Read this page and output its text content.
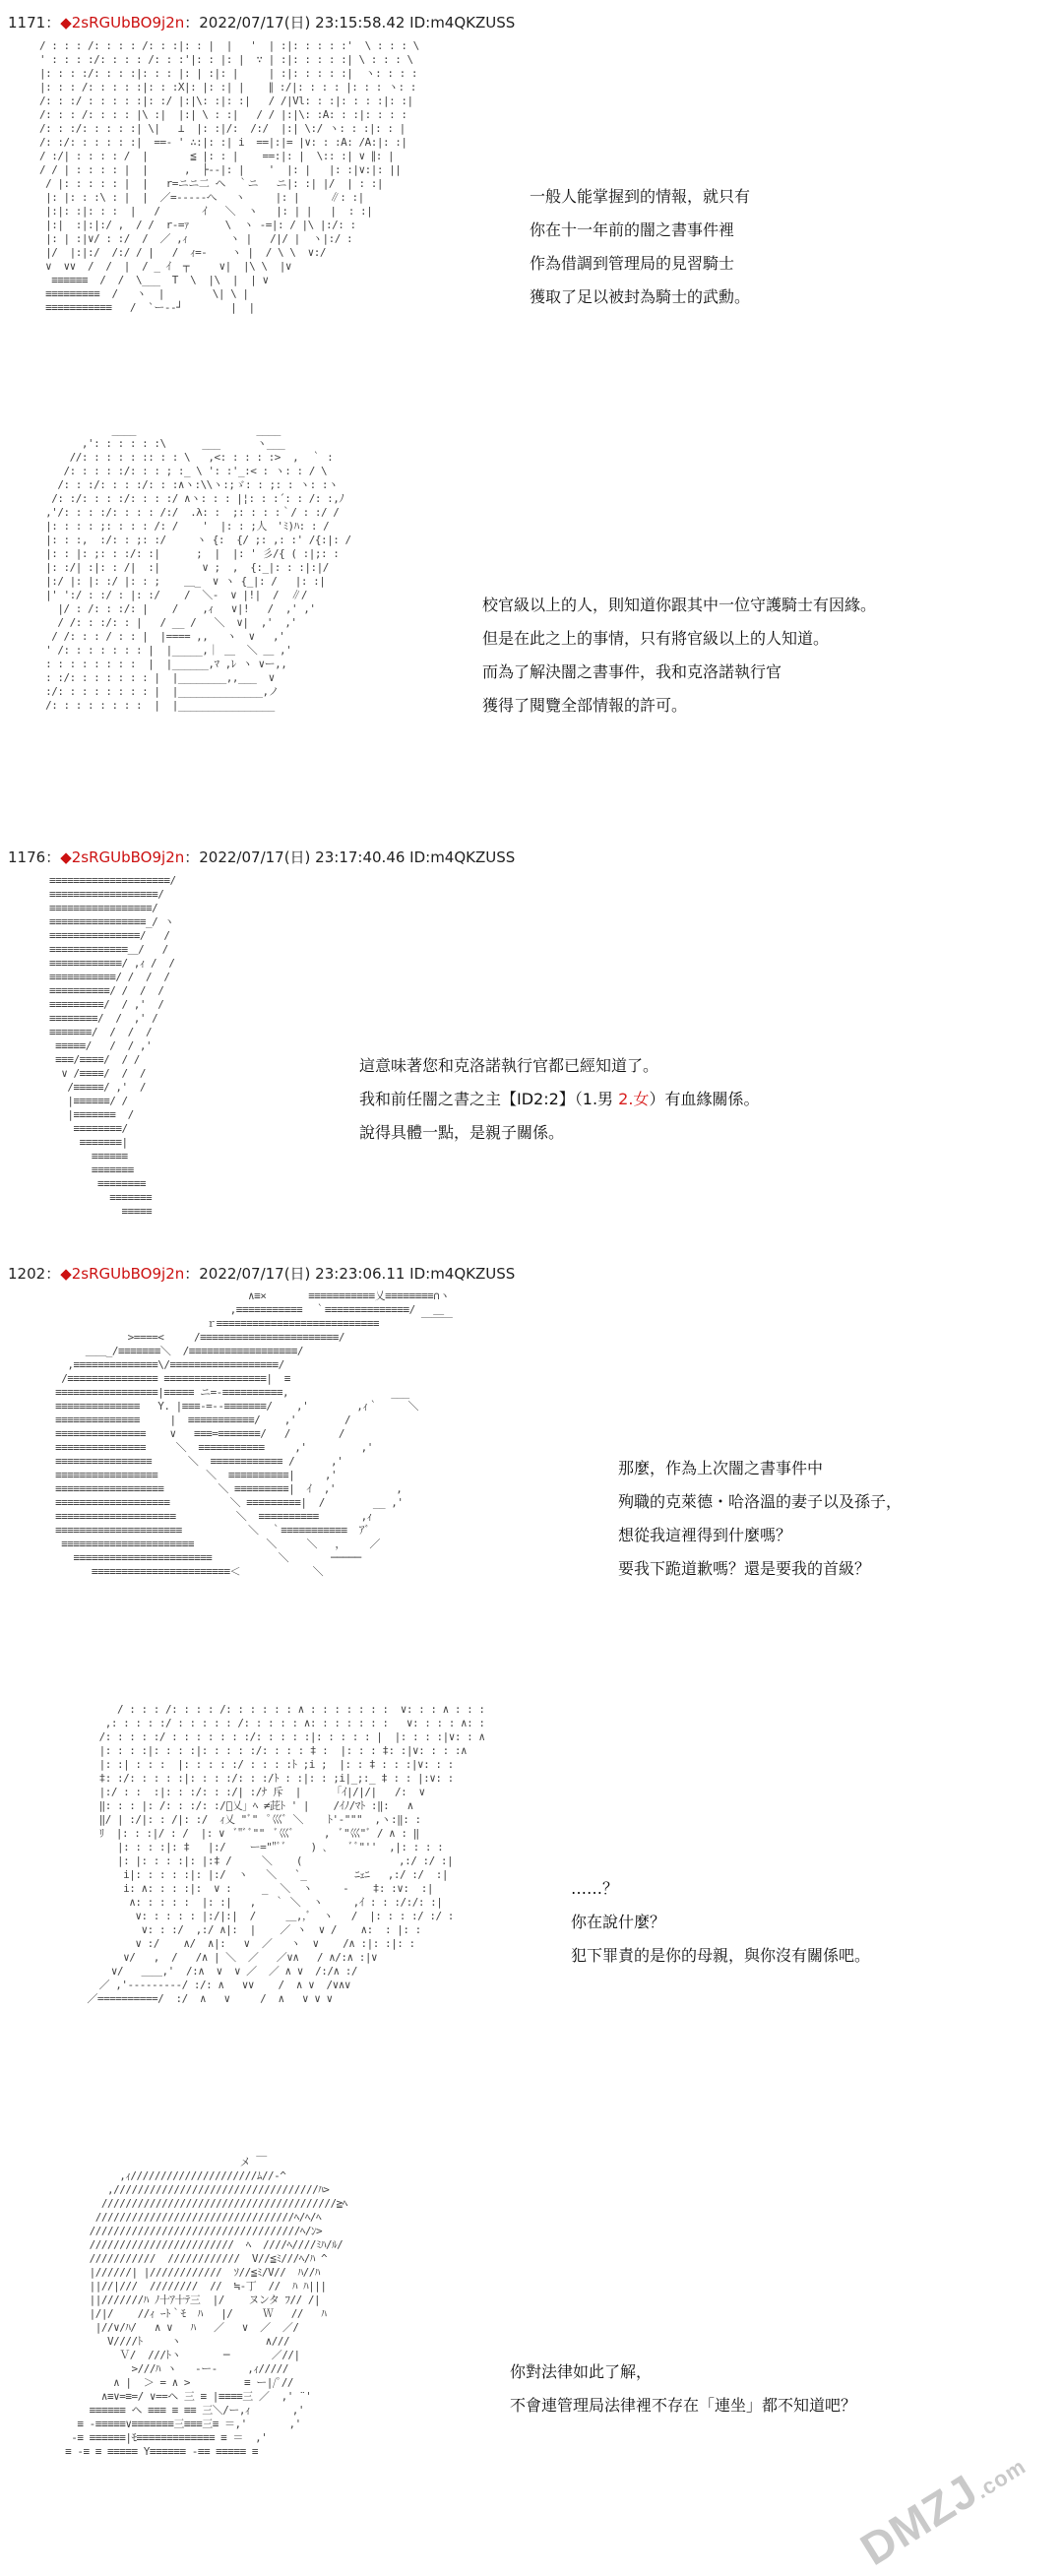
1171：◆2sRGUbBO9j2n：2022/07/17(日) 23:15:58.42 ID:m4QKZUSS
/ : : : /: : : : /: : :|: : |  |   '  | :|: : : : :'  \ : : : \
' : : : :/: : : : /: : :'|: : |: |  ∵ | :|: : : : :| \ : : : \
|: : : :/: : : :|: : : |: | :|: |     | :|: : : : :|  ヽ: : : :
|: : : /: : : : :|: : :X|: |: :| |    ∥ :/|: : : : |: : : ヽ: :
/: : :/ : : : : :|: :/ |:|\: :|: :|   / /|Vl: : :|: : : :|: :|
/: : : /: : : : |\ :|  |:| \ : :|   / / |:|\: :A: : :|: : : :
/: : :/: : : : :| \|   ⊥  |: :|/:  /:/  |:| \:/ ヽ: : :|: : |
/: :/: : : : : :|  ==- ' ∴:|: :| i  ==|:|= |∨: : :A: /A:|: :|
/ :/| : : : : /  |       ≦ |: : |    ==:|: |  \:: :| ∨ ∥: |
/ / | : : : : |  |      ,  ├--|: |    '  |: |   |: :|∨:|: ||
/ |: : : : : |  |   r=ニニ二 ヘ  ｀ニ   ニ|: :| |/  | : :|
|: |: : :\ : |  |  ／=-‐‐‐‐へ   ヽ     |: |     ∥: :|
|:|: :|: : :  |   /       ｲ   ＼  ヽ   |: | |   |  : :|
|:|  :|:|:/ ,  / /  r-=ｧ      \  ヽ -=|: / |\ |:/: :
|: | :|∨/ : :/  /  ／ ,ｨ       ヽ |   /|/ |  ヽ|:/ :
|/  |:|:/  /:/ / |   /  ｨ=-    ヽ |  / \ \  ∨:/
∨  ∨∨  /  /  |  / _ ｲ  ┬     ∨|  |\ \  |∨
≡≡≡≡≡≡  /  /  \___  T  \  |\  |  | ∨
≡≡≡≡≡≡≡≡≡  /   ヽ  |        \| \ |
≡≡≡≡≡≡≡≡≡≡≡   /  `ー-‐┘        |  |
一般人能掌握到的情報，就只有
你在十一年前的闇之書事件裡
作為借調到管理局的見習騎士
獲取了足以被封為騎士的武勳。
____                    ____
,': : : : : :\      ___      ヽ___
//: : : : : :: : : \   ,<: : : : :>  ,  ｀ :
/: : : : :/: : : ; :_ \ ': :'_:< : ヽ: : / \
/: : :/: : : :/: : :∧ヽ:\\ヽ:;ゞ: : ;: : ヽ: :ヽ
/: :/: : : :/: : : :/ ∧ヽ: : : |¦: : :´: : /: :,ﾉ
,'/: : : :/: : : : /:/  .λ: :  ;: : : :｀/ : :/ /
|: : : : ;: : : : /: /    '  |: : ;人　'ﾐ)ﾊ: : /
|: : :,  :/: : ;: :/     ヽ {:  {/ ;: ,: :' /{:|: /
|: : |: ;: : :/: :|      ;  |  |: ' 彡/{ ( :|;: :
|: :/| :|: : /|  :|       ∨ ;  ,  {:_|: : :|:|/
|:/ |: |: :/ |: : ;    ＿_  ∨ ヽ {_|: /   |: :|
|' ':/ : :/ : |: :/    /  ＼-  ∨ |!|  /  ∥/
|/ : /: : :/: |    /    ,ｨ   ∨|!   /  ,' ,'
/ /: : :/: : |   / __ /   ＼  ∨|  ,'  ,'
/ /: : : / : : |  |==== ,,   ヽ  ∨   ,'
' /: : : : : : : |  |_____,｜ ＿  ＼ ＿ ,'
: : : : : : : :  |  |______,ﾏ ,ﾚ ヽ ∨ー,,
: :/: : : : : : : |  |________,,___  ∨
:/: : : : : : : : |  |______________,ノ
/: : : : : : : :  |  |________________
校官級以上的人，則知道你跟其中一位守護騎士有因緣。
但是在此之上的事情，只有將官級以上的人知道。
而為了解決闇之書事件，我和克洛諾執行官
獲得了閱覽全部情報的許可。
1176：◆2sRGUbBO9j2n：2022/07/17(日) 23:17:40.46 ID:m4QKZUSS
≡≡≡≡≡≡≡≡≡≡≡≡≡≡≡≡≡≡≡≡/
≡≡≡≡≡≡≡≡≡≡≡≡≡≡≡≡≡≡/
≡≡≡≡≡≡≡≡≡≡≡≡≡≡≡≡≡/
≡≡≡≡≡≡≡≡≡≡≡≡≡≡≡≡_/ ヽ
≡≡≡≡≡≡≡≡≡≡≡≡≡≡≡/   /
≡≡≡≡≡≡≡≡≡≡≡≡≡＿/   /
≡≡≡≡≡≡≡≡≡≡≡≡/ ,ｨ /  /
≡≡≡≡≡≡≡≡≡≡≡/ /  /  /
≡≡≡≡≡≡≡≡≡≡/ /  /  /
≡≡≡≡≡≡≡≡≡/  / ,'  /
≡≡≡≡≡≡≡≡/  /  ,' /
≡≡≡≡≡≡≡/  /  /  /
≡≡≡≡≡/   /  / ,'
≡≡≡/≡≡≡≡/  / /
∨ /≡≡≡≡/  /  /
/≡≡≡≡≡/ ,'  /
|≡≡≡≡≡≡/ /
|≡≡≡≡≡≡≡  /
≡≡≡≡≡≡≡≡/
≡≡≡≡≡≡≡|
≡≡≡≡≡≡
≡≡≡≡≡≡≡
≡≡≡≡≡≡≡≡
≡≡≡≡≡≡≡
≡≡≡≡≡
這意味著您和克洛諾執行官都已經知道了。
我和前任闇之書之主【ID2:2】（1.男 2.女）有血緣關係。
說得具體一點，是親子關係。
1202：◆2sRGUbBO9j2n：2022/07/17(日) 23:23:06.11 ID:m4QKZUSS
∧≡×       ≡≡≡≡≡≡≡≡≡≡≡乂≡≡≡≡≡≡≡≡∩ヽ
,≡≡≡≡≡≡≡≡≡≡≡  ｀≡≡≡≡≡≡≡≡≡≡≡≡≡≡/   ＿
ｒ≡≡≡≡≡≡≡≡≡≡≡≡≡≡≡≡≡≡≡≡≡≡≡≡≡≡≡       ￣￣￣
>====<     /≡≡≡≡≡≡≡≡≡≡≡≡≡≡≡≡≡≡≡≡≡≡≡/
＿＿_/≡≡≡≡≡≡≡＼  /≡≡≡≡≡≡≡≡≡≡≡≡≡≡≡≡≡≡/
,≡≡≡≡≡≡≡≡≡≡≡≡≡≡\/≡≡≡≡≡≡≡≡≡≡≡≡≡≡≡≡≡≡/
/≡≡≡≡≡≡≡≡≡≡≡≡≡≡≡ ≡≡≡≡≡≡≡≡≡≡≡≡≡≡≡≡≡|  ≡
≡≡≡≡≡≡≡≡≡≡≡≡≡≡≡≡≡|≡≡≡≡≡ ニ=-≡≡≡≡≡≡≡≡≡≡,                 ___
≡≡≡≡≡≡≡≡≡≡≡≡≡≡   Y. |≡≡≡-=--≡≡≡≡≡≡≡/    ,'        ,ｨ｀     ＼
≡≡≡≡≡≡≡≡≡≡≡≡≡≡     |  ≡≡≡≡≡≡≡≡≡≡≡/    ,'        /
≡≡≡≡≡≡≡≡≡≡≡≡≡≡≡    ∨   ≡≡≡=≡≡≡≡≡≡≡/   /        /
≡≡≡≡≡≡≡≡≡≡≡≡≡≡≡     ＼  ≡≡≡≡≡≡≡≡≡≡≡     ,'         ,'
≡≡≡≡≡≡≡≡≡≡≡≡≡≡≡≡      ＼  ≡≡≡≡≡≡≡≡≡≡≡≡ /      ,'
≡≡≡≡≡≡≡≡≡≡≡≡≡≡≡≡≡        ＼  ≡≡≡≡≡≡≡≡≡≡|     ,'
≡≡≡≡≡≡≡≡≡≡≡≡≡≡≡≡≡≡         ＼ ≡≡≡≡≡≡≡≡≡|  ｲ  ,'          ,
≡≡≡≡≡≡≡≡≡≡≡≡≡≡≡≡≡≡≡          ＼ ≡≡≡≡≡≡≡≡≡|  /        __ ,'
≡≡≡≡≡≡≡≡≡≡≡≡≡≡≡≡≡≡≡≡          ＼  ≡≡≡≡≡≡≡≡≡≡       ,ｨ
≡≡≡≡≡≡≡≡≡≡≡≡≡≡≡≡≡≡≡≡≡           ＼  ｀≡≡≡≡≡≡≡≡≡≡≡  ｱﾞ
≡≡≡≡≡≡≡≡≡≡≡≡≡≡≡≡≡≡≡≡≡≡            ＼     ＼   ，    ／
≡≡≡≡≡≡≡≡≡≡≡≡≡≡≡≡≡≡≡≡≡≡≡           ＼       ─────
≡≡≡≡≡≡≡≡≡≡≡≡≡≡≡≡≡≡≡≡≡≡≡＜            ＼
那麼，作為上次闇之書事件中
殉職的克萊德・哈洛溫的妻子以及孫子，
想從我這裡得到什麼嗎？
要我下跪道歉嗎？還是要我的首級？
/ : : : /: : : : /: : : : : : ∧ : : : : : : :  ∨: : : ∧ : : :
,: : : : :/ : : : : : /: : : : : ∧: : : : : : :   ∨: : : : ∧: :
/: : : : :/ : : : : : : :/: : : : :|: : : : : |  |: : : :|∨: : ∧
|: : : :|: : : :|: : : : :/: : : : ‡ :  |: : : ‡: :|∨: : : :∧
|: :| : : :  |: : : : :/ : : : :ﾄ ;i ;  |: : ‡ : : :|∨: : :
‡: :/: : : : :|: : : :/: : :/ﾄ : :|: : ;i|_;:_ ‡ : : |:∨: :
|:/ : :  :|: : :/: : :/| :/ﾅ 斥  |     「ｲ|/|/|   /:  ∨
‖: : : |: /: : :/: :/ﾟ乂」ﾍ ≠茈ﾄ ' |    /ｲﾉ/ﾏﾄ :‖:   ∧
‖/ | :/|: : /|: :/  ｨ乂 "ﾞ"  ﾟ巛ﾞ ＼    ﾄ'-"""  ,ヽ:‖: :
ﾘ  |: : :|/ : /  |: ∨  ﾞ"ﾞﾞ""  ﾞ巛ﾞ     ,  ﾞ"巛"ﾞ / ∧ : ‖
|: : : :|: ‡   |:/    ー=""ﾞﾞ    ) ､    ﾞﾞ"''  ,|: : : :
|: |: : : :|: |:‡ /     ＼    (                ,:/ :/ :|
i|: : : : :|: |:/  ヽ   ＼   `_        ﾆｪﾆ   ,:/ :/  :|
i: ∧: : : :|:  ∨ :     _  ＼  ヽ     ‐    ‡: :∨:  :|
∧: : : : :  |: :|   ,   ｀ ＼  ヽ     ,ｲ : : :/:/: :|
∨: : : : : |:/|:|  /     ＿,,ﾞ  ヽ   /  |: : : :/ :/ :
∨: : :/  ,:/ ∧|:  |    ／ ヽ  ∨ /    ∧:  : |: :
∨ :/    ∧/  ∧|:   ∨  ／   ヽ  ∨    /∧ :|: :|: :
∨/   ,  /   /∧ | ＼  ／   ／∨∧   / ∧/:∧ :|∨
∨/   ＿＿,'  /:∧  ∨  ∨ ／  ／ ∧ ∨  /:/∧ :/
／ ,'---------/ :/: ∧   ∨∨    /  ∧ ∨  /∨∧∨
／==========/  :/  ∧   ∨     /  ∧   ∨ ∨ ∨
……？
你在說什麼？
犯下罪責的是你的母親，與你沒有關係吧。
メ ￣
,ｨ/////////////////////ﾑ//-^
,//////////////////////////////////ﾊ>
///////////////////////////////////////≧ﾍ
/////////////////////////////////ﾍ/ﾍ/ﾍ
///////////////////////////////////ﾍ/ﾝ>
////////////////////////  ﾍ  ////ﾍ////ﾐﾊ/ﾙ/
///////////  ////////////  V//≦ﾐ///ﾍ/ﾊ ^
|//////| |////////////  ｿ//≦ﾐ/V//  ﾊ//ﾊ
||//|///  ////////  //  ≒-丁  //  ﾊ ﾊ|||
||///////ﾊ ﾉ十ｱ十ﾃ三  |/    ヌンタ ﾌ// /|
|/|/    //ｨ ｰﾄ｀ﾓ  ﾊ   |/     Ｗ   //   ﾊ
|//∨/ﾊ/   ∧ ∨   ﾊ   ／   ∨  ／  ／/
V////ﾄ 　  ヽ              ∧///
Ｖ/  ///ﾄヽ       ─       ／//|
>///ﾊ ヽ   ‐ー‐     ,ｨ/////
∧ |  ＞ = ∧ >         ≡ ー|/ﾟ//
∧≡∨=≡=/ ∨==ヘ 三 ≡ |≡≡≡≡三 ／  ,' ¨'
≡≡≡≡≡≡ ヘ ≡≡≡ ≡ ≡≡ 三＼/ー,ｨ       ,'
≡ ‐≡≡≡≡≡∨≡≡≡≡≡≡≡三≡≡≡三≡ ＝,'       ,'
‐≡ ≡≡≡≡≡≡|ﾓ≡≡≡≡≡≡≡≡≡≡≡≡≡ ≡ ＝  ,'
≡ ‐≡ ≡ ≡≡≡≡≡ Y≡≡≡≡≡≡ ‐≡≡ ≡≡≡≡≡ ≡
你對法律如此了解，
不會連管理局法律裡不存在「連坐」都不知道吧？
DMZJ.com
